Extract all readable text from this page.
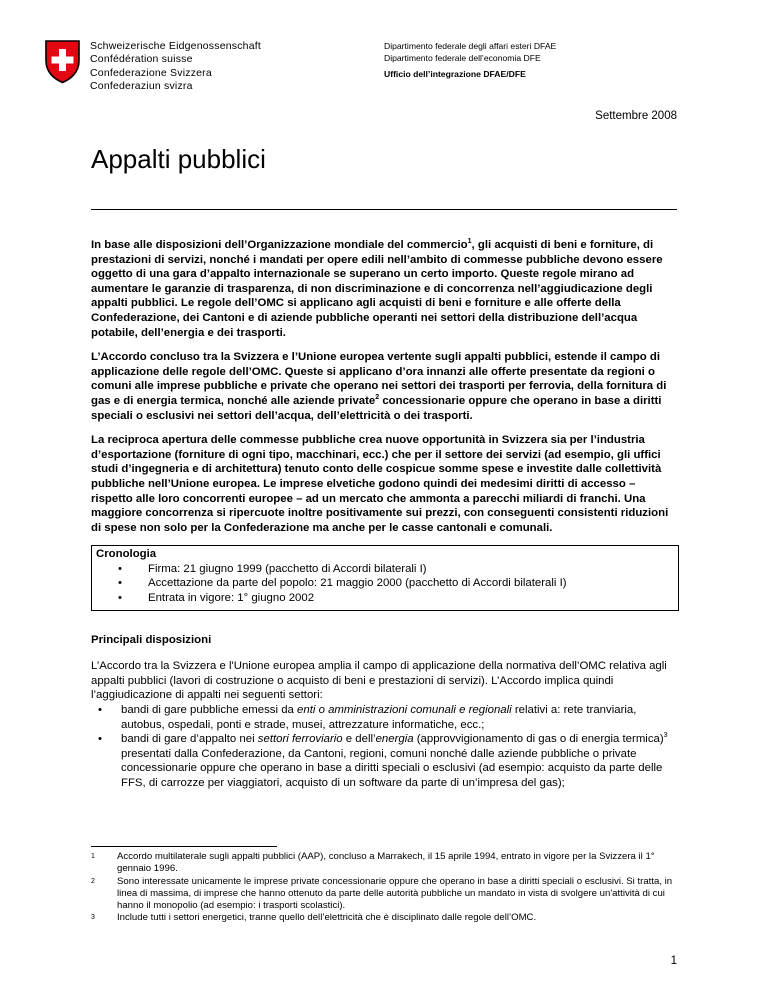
Schweizerische Eidgenossenschaft
Confédération suisse
Confederazione Svizzera
Confederaziun svizra
Dipartimento federale degli affari esteri DFAE
Dipartimento federale dell’economia DFE
Ufficio dell’integrazione DFAE/DFE
Settembre 2008
Appalti pubblici

In base alle disposizioni dell’Organizzazione mondiale del commercio$^1$, gli acquisti di beni e forniture, di prestazioni di servizi, nonché i mandati per opere edili nell’ambito di commesse pubbliche devono essere oggetto di una gara d’appalto internazionale se superano un certo importo. Queste regole mirano ad aumentare le garanzie di trasparenza, di non discriminazione e di concorrenza nell’aggiudicazione degli appalti pubblici. Le regole dell’OMC si applicano agli acquisti di beni e forniture e alle offerte della Confederazione, dei Cantoni e di aziende pubbliche operanti nei settori della distribuzione dell’acqua potabile, dell’energia e dei trasporti.

L’Accordo concluso tra la Svizzera e l’Unione europea vertente sugli appalti pubblici, estende il campo di applicazione delle regole dell’OMC. Queste si applicano d’ora innanzi alle offerte presentate da regioni o comuni alle imprese pubbliche e private che operano nei settori dei trasporti per ferrovia, della fornitura di gas e di energia termica, nonché alle aziende private$^2$ concessionarie oppure che operano in base a diritti speciali o esclusivi nei settori dell’acqua, dell’elettricità o dei trasporti.

La reciproca apertura delle commesse pubbliche crea nuove opportunità in Svizzera sia per l’industria d’esportazione (forniture di ogni tipo, macchinari, ecc.) che per il settore dei servizi (ad esempio, gli uffici studi d’ingegneria e di architettura) tenuto conto delle cospicue somme spese e investite dalle collettività pubbliche nell’Unione europea. Le imprese elvetiche godono quindi dei medesimi diritti di accesso – rispetto alle loro concorrenti europee – ad un mercato che ammonta a parecchi miliardi di franchi. Una maggiore concorrenza si ripercuote inoltre positivamente sui prezzi, con conseguenti consistenti riduzioni di spese non solo per la Confederazione ma anche per le casse cantonali e comunali.

Cronologia
• Firma: 21 giugno 1999 (pacchetto di Accordi bilaterali I)
• Accettazione da parte del popolo: 21 maggio 2000 (pacchetto di Accordi bilaterali I)
• Entrata in vigore: 1° giugno 2002
Principali disposizioni

L’Accordo tra la Svizzera e l'Unione europea amplia il campo di applicazione della normativa dell’OMC relativa agli appalti pubblici (lavori di costruzione o acquisto di beni e prestazioni di servizi). L’Accordo implica quindi l’aggiudicazione di appalti nei seguenti settori:

• bandi di gare pubbliche emessi da enti o amministrazioni comunali e regionali relativi a: rete tranviaria, autobus, ospedali, ponti e strade, musei, attrezzature informatiche, ecc.;
• bandi di gare d’appalto nei settori ferroviario e dell’energia (approvvigionamento di gas o di energia termica)$^3$ presentati dalla Confederazione, da Cantoni, regioni, comuni nonché dalle aziende pubbliche o private concessionarie oppure che operano in base a diritti speciali o esclusivi (ad esempio: acquisto da parte delle FFS, di carrozze per viaggiatori, acquisto di un software da parte di un’impresa del gas);
1 Accordo multilaterale sugli appalti pubblici (AAP), concluso a Marrakech, il 15 aprile 1994, entrato in vigore per la Svizzera il 1° gennaio 1996.
2 Sono interessate unicamente le imprese private concessionarie oppure che operano in base a diritti speciali o esclusivi. Si tratta, in linea di massima, di imprese che hanno ottenuto da parte delle autorità pubbliche un mandato in vista di svolgere un'attività di cui hanno il monopolio (ad esempio: i trasporti scolastici).
3 Include tutti i settori energetici, tranne quello dell’elettricità che è disciplinato dalle regole dell’OMC.
1
